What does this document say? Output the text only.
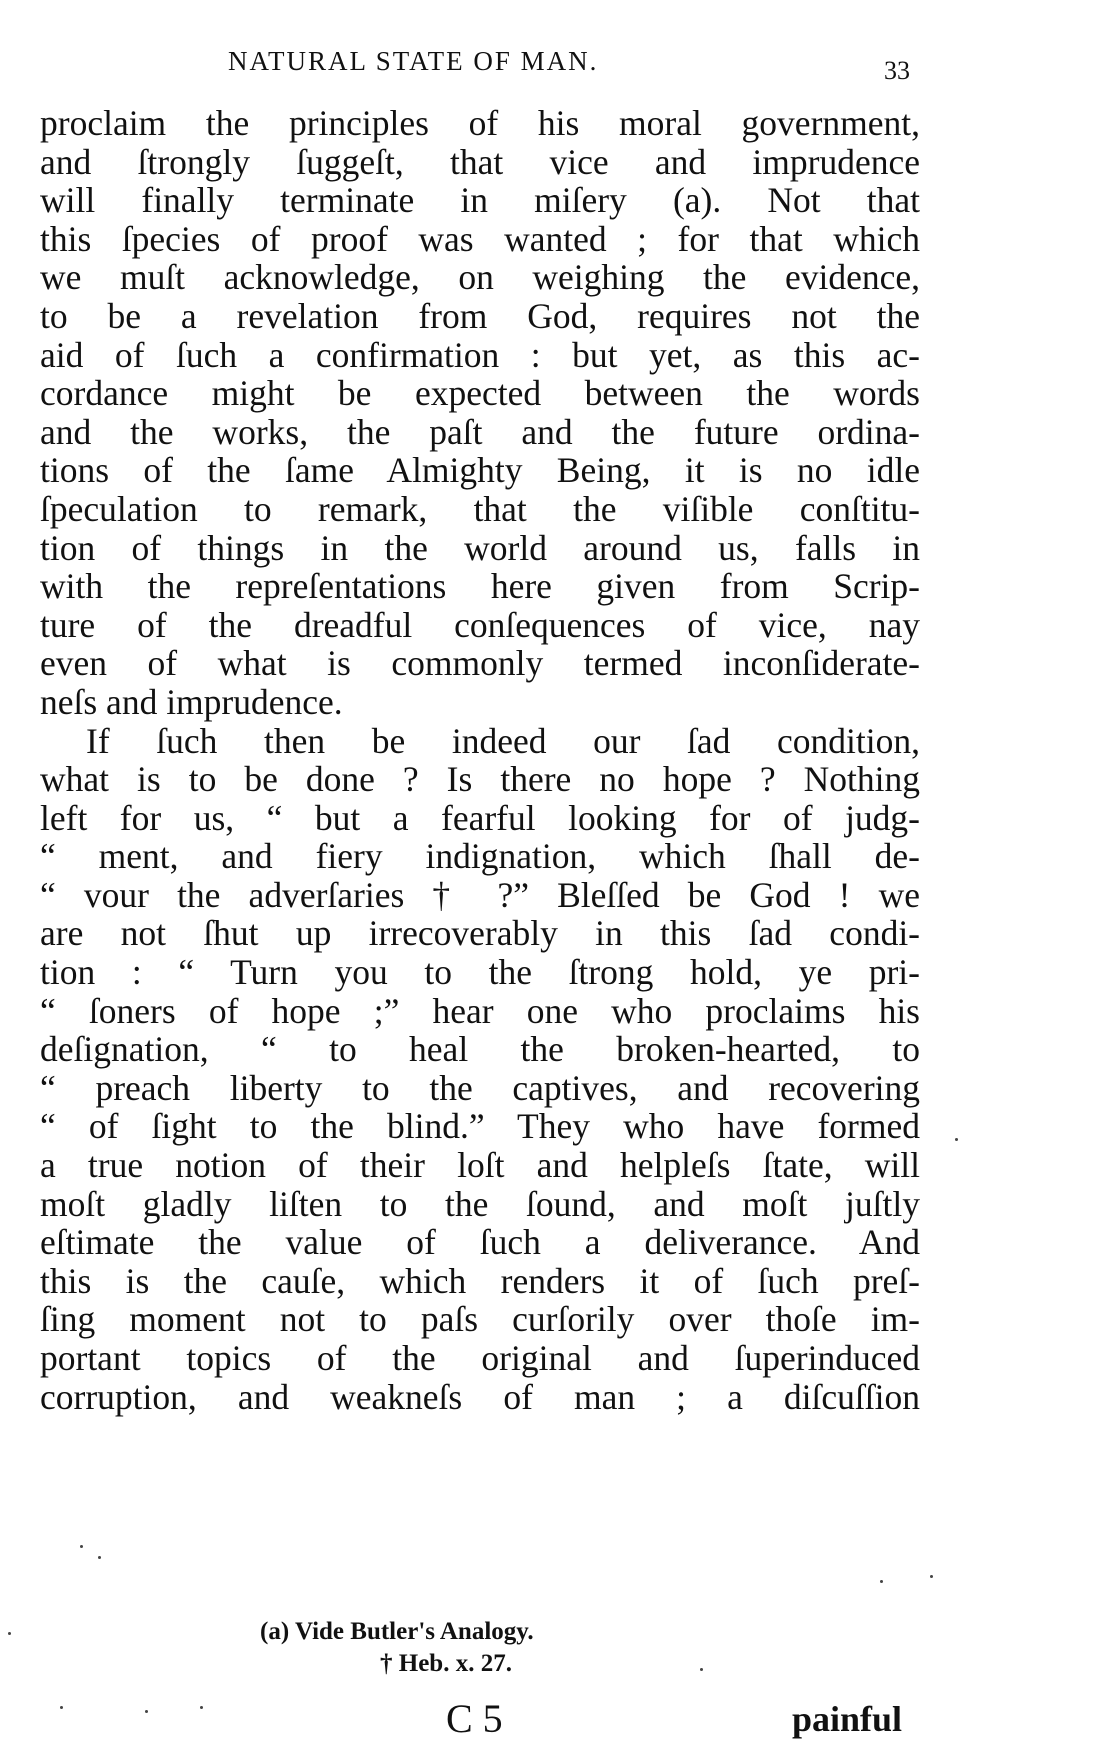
NATURAL STATE OF MAN.	33
proclaim the principles of his moral government,
and ſtrongly ſuggeſt, that vice and imprudence
will finally terminate in miſery (a). Not that
this ſpecies of proof was wanted ; for that which
we muſt acknowledge, on weighing the evidence,
to be a revelation from God, requires not the
aid of ſuch a confirmation : but yet, as this ac-
cordance might be expected between the words
and the works, the paſt and the future ordina-
tions of the ſame Almighty Being, it is no idle
ſpeculation to remark, that the viſible conſtitu-
tion of things in the world around us, falls in
with the repreſentations here given from Scrip-
ture of the dreadful conſequences of vice, nay
even of what is commonly termed inconſiderate-
neſs and imprudence.
If ſuch then be indeed our ſad condition,
what is to be done ? Is there no hope ? Nothing
left for us, “ but a fearful looking for of judg-
“ ment, and fiery indignation, which ſhall de-
“ vour the adverſaries † ?” Bleſſed be God ! we
are not ſhut up irrecoverably in this ſad condi-
tion : “ Turn you to the ſtrong hold, ye pri-
“ ſoners of hope ;” hear one who proclaims his
deſignation, “ to heal the broken-hearted, to
“ preach liberty to the captives, and recovering
“ of ſight to the blind.” They who have formed
a true notion of their loſt and helpleſs ſtate, will
moſt gladly liſten to the ſound, and moſt juſtly
eſtimate the value of ſuch a deliverance. And
this is the cauſe, which renders it of ſuch preſ-
ſing moment not to paſs curſorily over thoſe im-
portant topics of the original and ſuperinduced
corruption, and weakneſs of man ; a diſcuſſion
(a) Vide Butler's Analogy.
† Heb. x. 27.
C 5	painful
